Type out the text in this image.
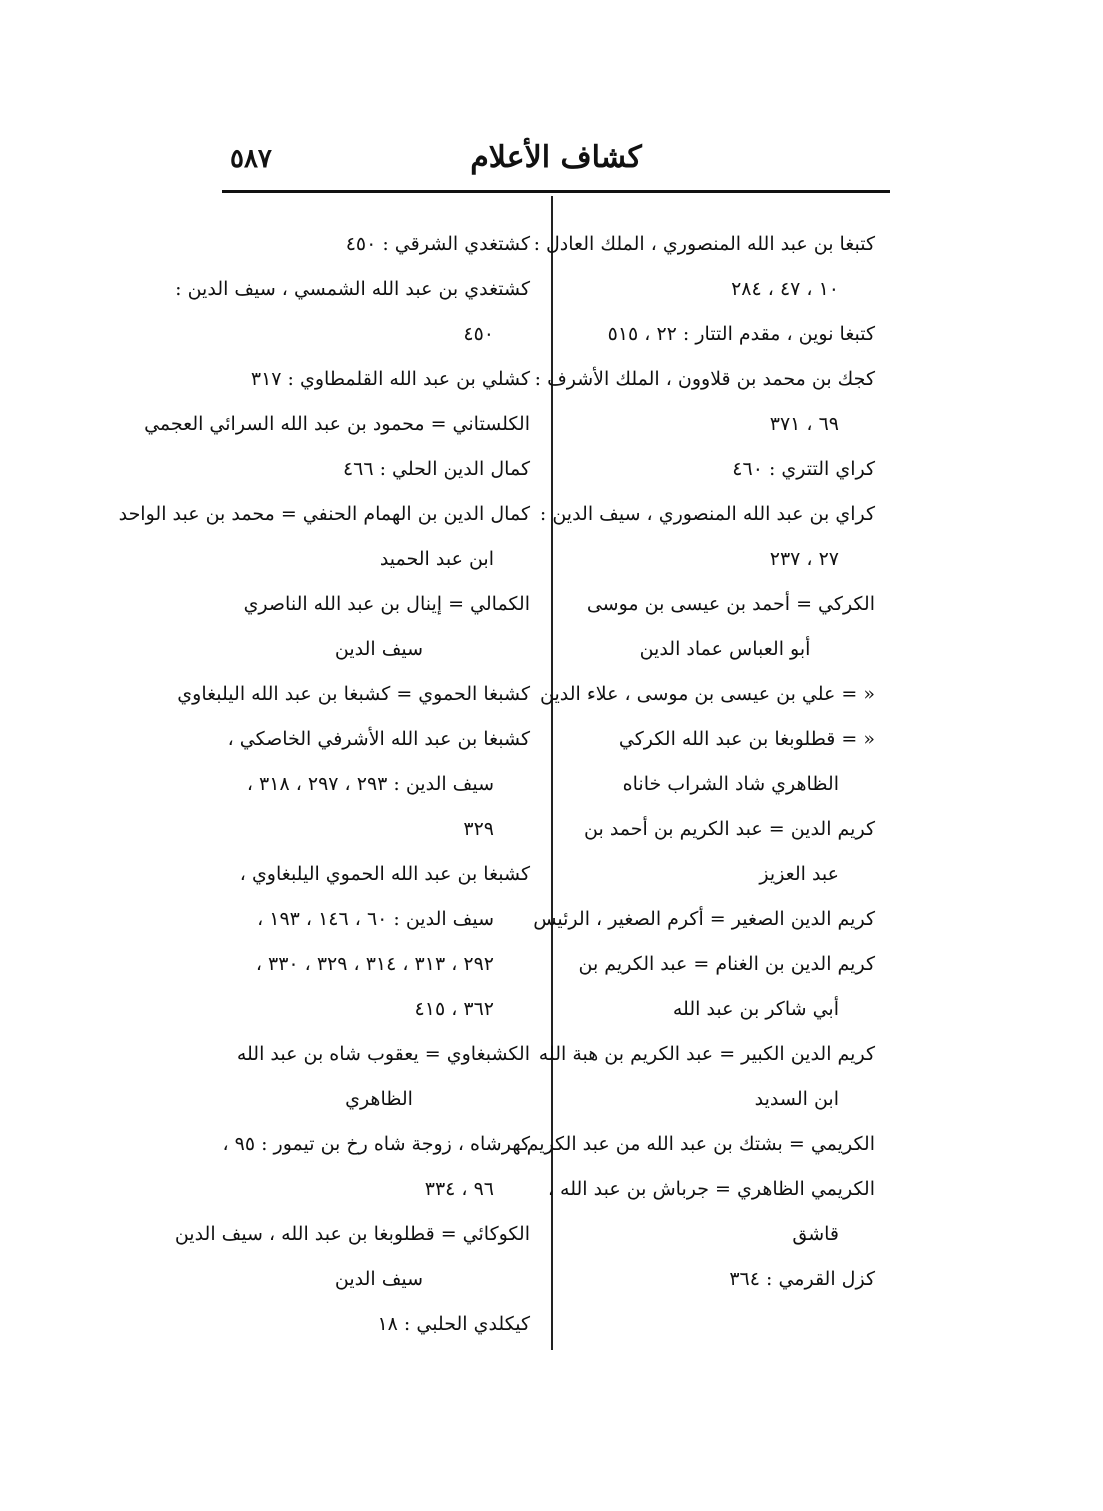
كشاف الأعلام
٥٨٧
كتبغا بن عبد الله المنصوري ، الملك العادل :
١٠ ، ٤٧ ، ٢٨٤
كتبغا نوين ، مقدم التتار : ٢٢ ، ٥١٥
كجك بن محمد بن قلاوون ، الملك الأشرف :
٦٩ ، ٣٧١
كراي التتري : ٤٦٠
كراي بن عبد الله المنصوري ، سيف الدين :
٢٧ ، ٢٣٧
الكركي = أحمد بن عيسى بن موسى
أبو العباس عماد الدين
« = علي بن عيسى بن موسى ، علاء الدين
« = قطلوبغا بن عبد الله الكركي
الظاهري شاد الشراب خاناه
كريم الدين = عبد الكريم بن أحمد بن
عبد العزيز
كريم الدين الصغير = أكرم الصغير ، الرئيس
كريم الدين بن الغنام = عبد الكريم بن
أبي شاكر بن عبد الله
كريم الدين الكبير = عبد الكريم بن هبة الله
ابن السديد
الكريمي = بشتك بن عبد الله من عبد الكريم
الكريمي الظاهري = جرباش بن عبد الله ،
قاشق
كزل القرمي : ٣٦٤
كشتغدي الشرقي : ٤٥٠
كشتغدي بن عبد الله الشمسي ، سيف الدين :
٤٥٠
كشلي بن عبد الله القلمطاوي : ٣١٧
الكلستاني = محمود بن عبد الله السرائي العجمي
كمال الدين الحلي : ٤٦٦
كمال الدين بن الهمام الحنفي = محمد بن عبد الواحد
ابن عبد الحميد
الكمالي = إينال بن عبد الله الناصري
سيف الدين
كشبغا الحموي = كشبغا بن عبد الله اليلبغاوي
كشبغا بن عبد الله الأشرفي الخاصكي ،
سيف الدين : ٢٩٣ ، ٢٩٧ ، ٣١٨ ،
٣٢٩
كشبغا بن عبد الله الحموي اليلبغاوي ،
سيف الدين : ٦٠ ، ١٤٦ ، ١٩٣ ،
٢٩٢ ، ٣١٣ ، ٣١٤ ، ٣٢٩ ، ٣٣٠ ،
٣٦٢ ، ٤١٥
الكشبغاوي = يعقوب شاه بن عبد الله
الظاهري
كهرشاه ، زوجة شاه رخ بن تيمور : ٩٥ ،
٩٦ ، ٣٣٤
الكوكائي = قطلوبغا بن عبد الله ، سيف الدين
سيف الدين
كيكلدي الحلبي : ١٨
